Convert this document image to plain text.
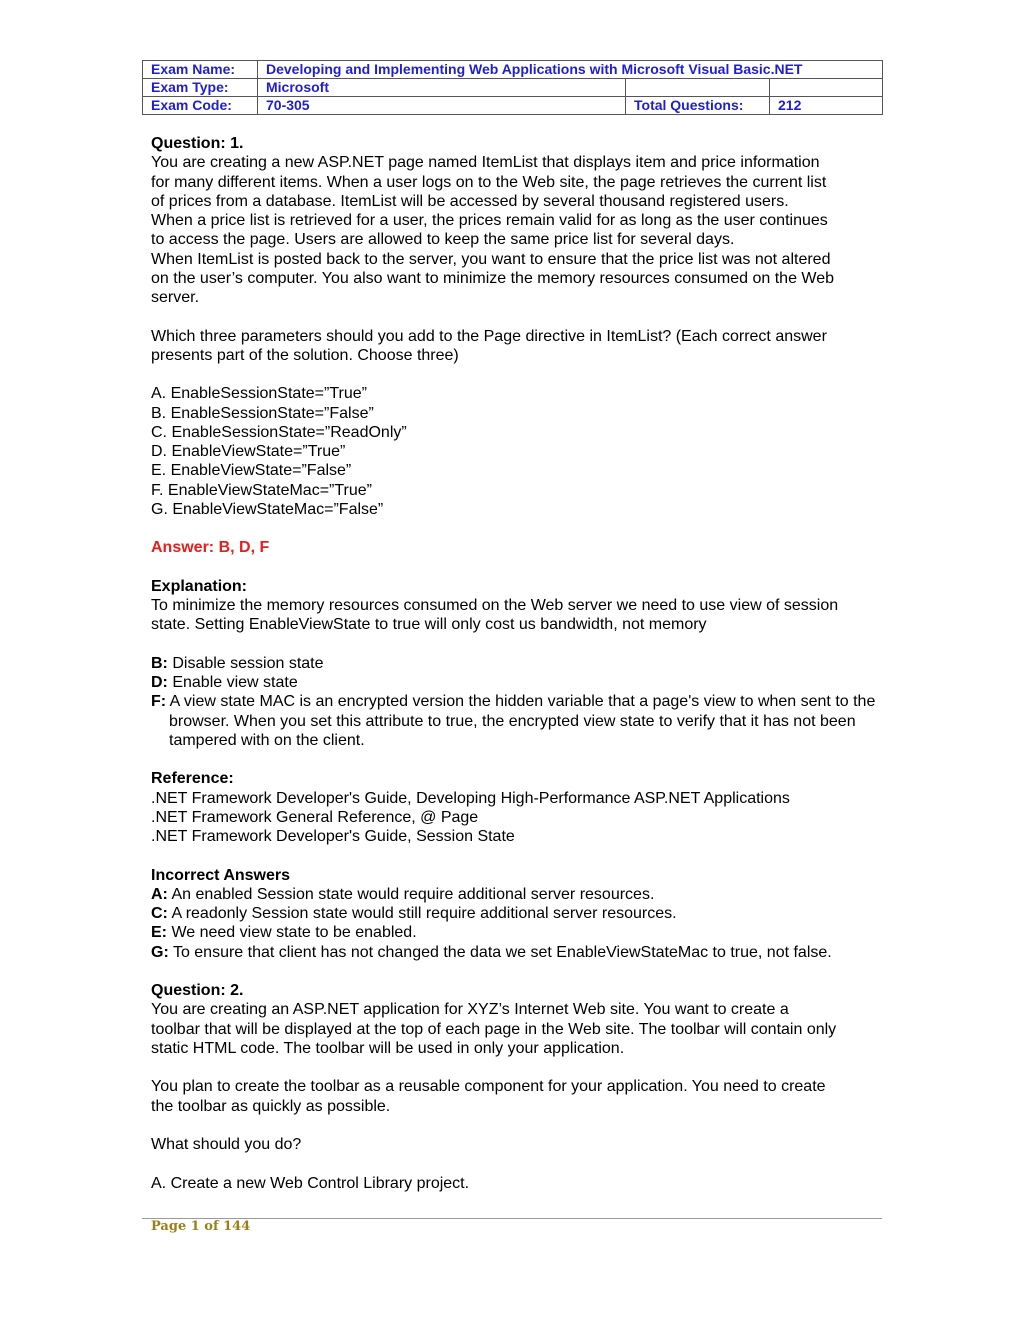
Exam Name:	Developing and Implementing Web Applications with Microsoft Visual Basic.NET		
Exam Type:	Microsoft		
Exam Code:	70-305	Total Questions:	212

Question: 1.

You are creating a new ASP.NET page named ItemList that displays item and price information

for many different items. When a user logs on to the Web site, the page retrieves the current list

of prices from a database. ItemList will be accessed by several thousand registered users.

When a price list is retrieved for a user, the prices remain valid for as long as the user continues

to access the page. Users are allowed to keep the same price list for several days.

When ItemList is posted back to the server, you want to ensure that the price list was not altered

on the user’s computer. You also want to minimize the memory resources consumed on the Web

server.

Which three parameters should you add to the Page directive in ItemList? (Each correct answer

presents part of the solution. Choose three)

A. EnableSessionState=”True”

B. EnableSessionState=”False”

C. EnableSessionState=”ReadOnly”

D. EnableViewState=”True”

E. EnableViewState=”False”

F. EnableViewStateMac=”True”

G. EnableViewStateMac=”False”

Answer: B, D, F

Explanation:

To minimize the memory resources consumed on the Web server we need to use view of session

state. Setting EnableViewState to true will only cost us bandwidth, not memory

B: Disable session state

D: Enable view state

F: A view state MAC is an encrypted version the hidden variable that a page's view to when sent to the browser. When you set this attribute to true, the encrypted view state to verify that it has not been tampered with on the client.

Reference:

.NET Framework Developer's Guide, Developing High-Performance ASP.NET Applications

.NET Framework General Reference, @ Page

.NET Framework Developer's Guide, Session State

Incorrect Answers

A: An enabled Session state would require additional server resources.

C: A readonly Session state would still require additional server resources.

E: We need view state to be enabled.

G: To ensure that client has not changed the data we set EnableViewStateMac to true, not false.

Question: 2.

You are creating an ASP.NET application for XYZ’s Internet Web site. You want to create a

toolbar that will be displayed at the top of each page in the Web site. The toolbar will contain only

static HTML code. The toolbar will be used in only your application.

You plan to create the toolbar as a reusable component for your application. You need to create

the toolbar as quickly as possible.

What should you do?

A. Create a new Web Control Library project.

Page 1 of 144
